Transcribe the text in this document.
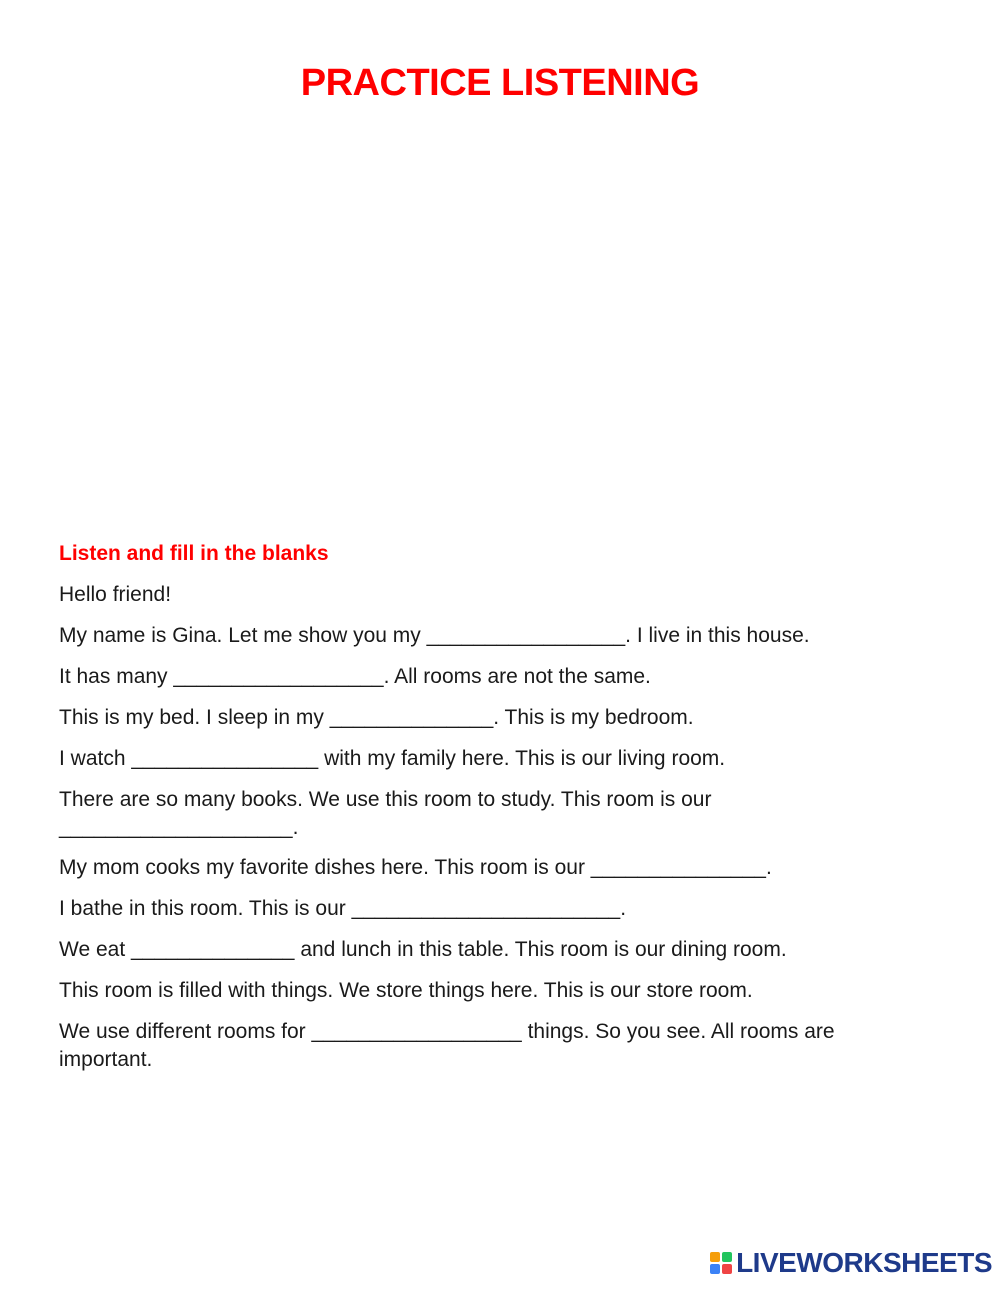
PRACTICE LISTENING

Listen and fill in the blanks

Hello friend!

My name is Gina. Let me show you my _________________. I live in this house.

It has many __________________. All rooms are not the same.

This is my bed. I sleep in my ______________. This is my bedroom.

I watch ________________ with my family here. This is our living room.

There are so many books. We use this room to study. This room is our
____________________.

My mom cooks my favorite dishes here. This room is our _______________.

I bathe in this room. This is our _______________________.

We eat ______________ and lunch in this table. This room is our dining room.

This room is filled with things. We store things here. This is our store room.

We use different rooms for __________________ things. So you see. All rooms are
important.

LIVEWORKSHEETS
